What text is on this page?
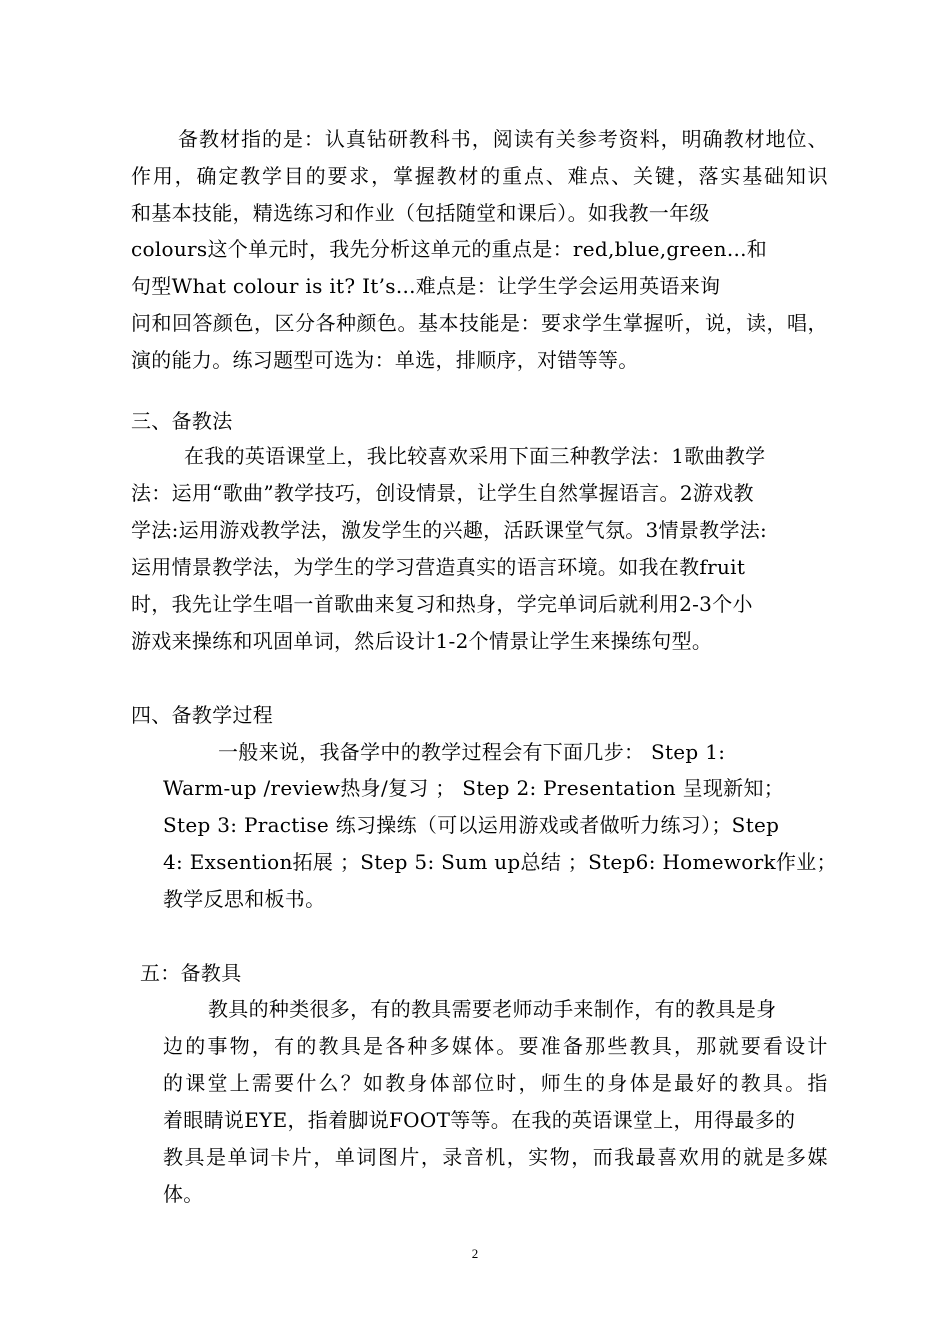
备 教 材 指 的 是 ： 认 真 钻 研 教 科 书 ， 阅 读 有 关 参 考 资 料 ， 明 确 教 材 地 位 、
作 用 ， 确 定 教 学 目 的 要 求 ， 掌 握 教 材 的 重 点 、 难 点 、 关 键 ， 落 实 基 础 知 识
和基本技能，精选练习和作业（包括随堂和课后）。如我教一年级
colours这个单元时，我先分析这单元的重点是：red,blue,green...和
句型What colour is it? It’s...难点是：让学生学会运用英语来询
问 和 回 答 颜 色 ， 区 分 各 种 颜 色 。 基 本 技 能 是 ： 要 求 学 生 掌 握 听 ， 说 ， 读 ， 唱 ，
演的能力。练习题型可选为：单选，排顺序，对错等等。
三、备教法
在我的英语课堂上，我比较喜欢采用下面三种教学法：1歌曲教学
法：运用“歌曲”教学技巧，创设情景，让学生自然掌握语言。2游戏教
学法:运用游戏教学法，激发学生的兴趣，活跃课堂气氛。3情景教学法:
运用情景教学法，为学生的学习营造真实的语言环境。如我在教fruit
时，我先让学生唱一首歌曲来复习和热身，学完单词后就利用2-3个小
游戏来操练和巩固单词，然后设计1-2个情景让学生来操练句型。
四、备教学过程
一般来说，我备学中的教学过程会有下面几步： Step 1:
Warm-up /review热身/复习 ； Step 2: Presentation 呈现新知；
Step 3: Practise 练习操练（可以运用游戏或者做听力练习）；Step
4: Exsention拓展 ；Step 5: Sum up总结 ；Step6: Homework作业；
教学反思和板书。
五：备教具
教具的种类很多，有的教具需要老师动手来制作，有的教具是身
边 的 事 物 ， 有 的 教 具 是 各 种 多 媒 体 。 要 准 备 那 些 教 具 ， 那 就 要 看 设 计
的 课 堂 上 需 要 什 么 ？ 如 教 身 体 部 位 时 ， 师 生 的 身 体 是 最 好 的 教 具 。 指
着眼睛说EYE，指着脚说FOOT等等。在我的英语课堂上，用得最多的
教 具 是 单 词 卡 片 ， 单 词 图 片 ， 录 音 机 ， 实 物 ， 而 我 最 喜 欢 用 的 就 是 多 媒
体。
2
